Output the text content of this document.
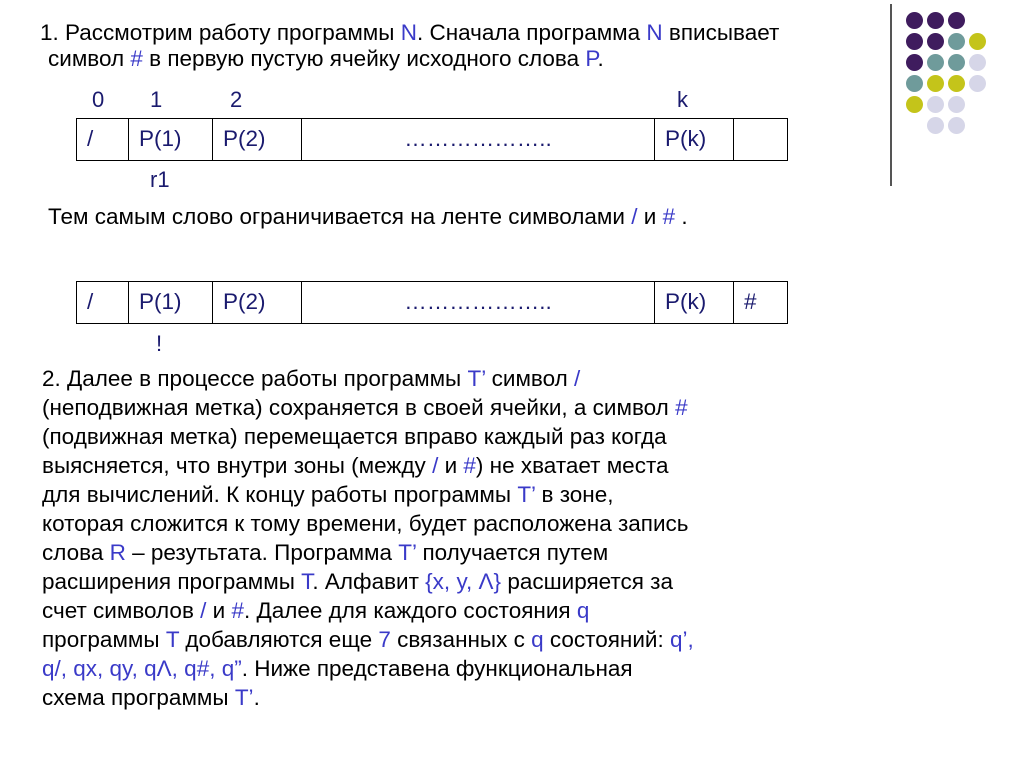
1. Рассмотрим работу программы N. Сначала программа N вписывает
символ # в первую пустую ячейку исходного слова P.
0 1	2	k
/	P(1)	P(2)	………………..	P(k)
r1
Тем самым слово ограничивается на ленте символами / и # .
/	P(1)	P(2)	………………..	P(k)	#
!
2. Далее в процессе работы программы T’ символ /
(неподвижная метка) сохраняется в своей ячейки, а символ #
(подвижная метка) перемещается вправо каждый раз когда
выясняется, что внутри зоны (между / и #) не хватает места
для вычислений. К концу работы программы T’ в зоне,
которая сложится к тому времени, будет расположена запись
слова R – резутьтата. Программа T’ получается путем
расширения программы T. Алфавит {x, y, Λ} расширяется за
счет символов / и #. Далее для каждого состояния q
программы T добавляются еще 7 связанных с q состояний: q’,
q/, qx, qy, qΛ, q#, q”. Ниже представена функциональная
схема программы T’.
